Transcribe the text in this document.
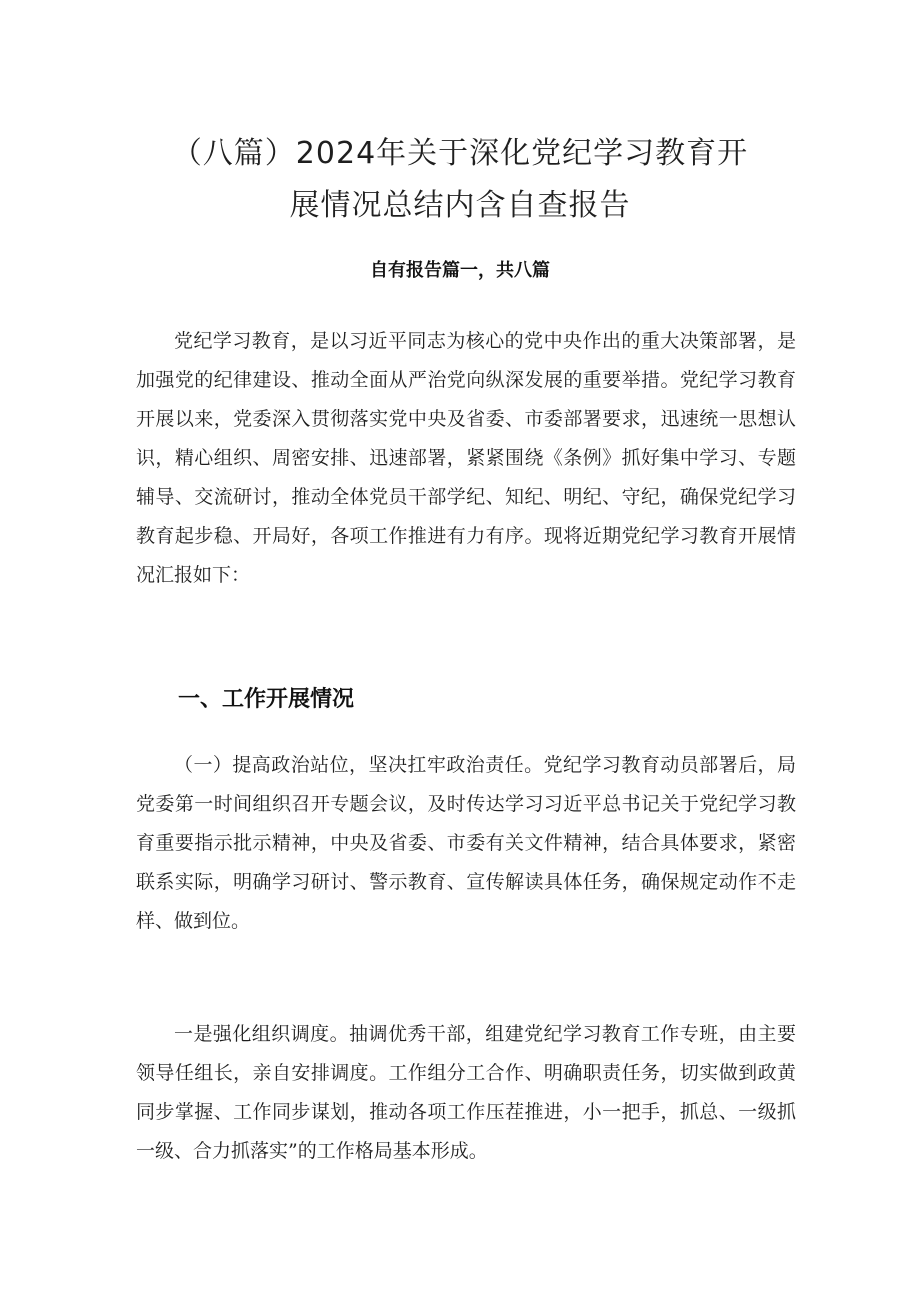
（八篇）2024年关于深化党纪学习教育开
展情况总结内含自查报告
自有报告篇一，共八篇

党纪学习教育，是以习近平同志为核心的党中央作出的重大决策部署，是加强党的纪律建设、推动全面从严治党向纵深发展的重要举措。党纪学习教育开展以来，党委深入贯彻落实党中央及省委、市委部署要求，迅速统一思想认识，精心组织、周密安排、迅速部署，紧紧围绕《条例》抓好集中学习、专题辅导、交流研讨，推动全体党员干部学纪、知纪、明纪、守纪，确保党纪学习教育起步稳、开局好，各项工作推进有力有序。现将近期党纪学习教育开展情况汇报如下：

一、工作开展情况

（一）提高政治站位，坚决扛牢政治责任。党纪学习教育动员部署后，局党委第一时间组织召开专题会议，及时传达学习习近平总书记关于党纪学习教育重要指示批示精神，中央及省委、市委有关文件精神，结合具体要求，紧密联系实际，明确学习研讨、警示教育、宣传解读具体任务，确保规定动作不走样、做到位。

一是强化组织调度。抽调优秀干部，组建党纪学习教育工作专班，由主要领导任组长，亲自安排调度。工作组分工合作、明确职责任务，切实做到政黄同步掌握、工作同步谋划，推动各项工作压茬推进，小一把手，抓总、一级抓一级、合力抓落实”的工作格局基本形成。
